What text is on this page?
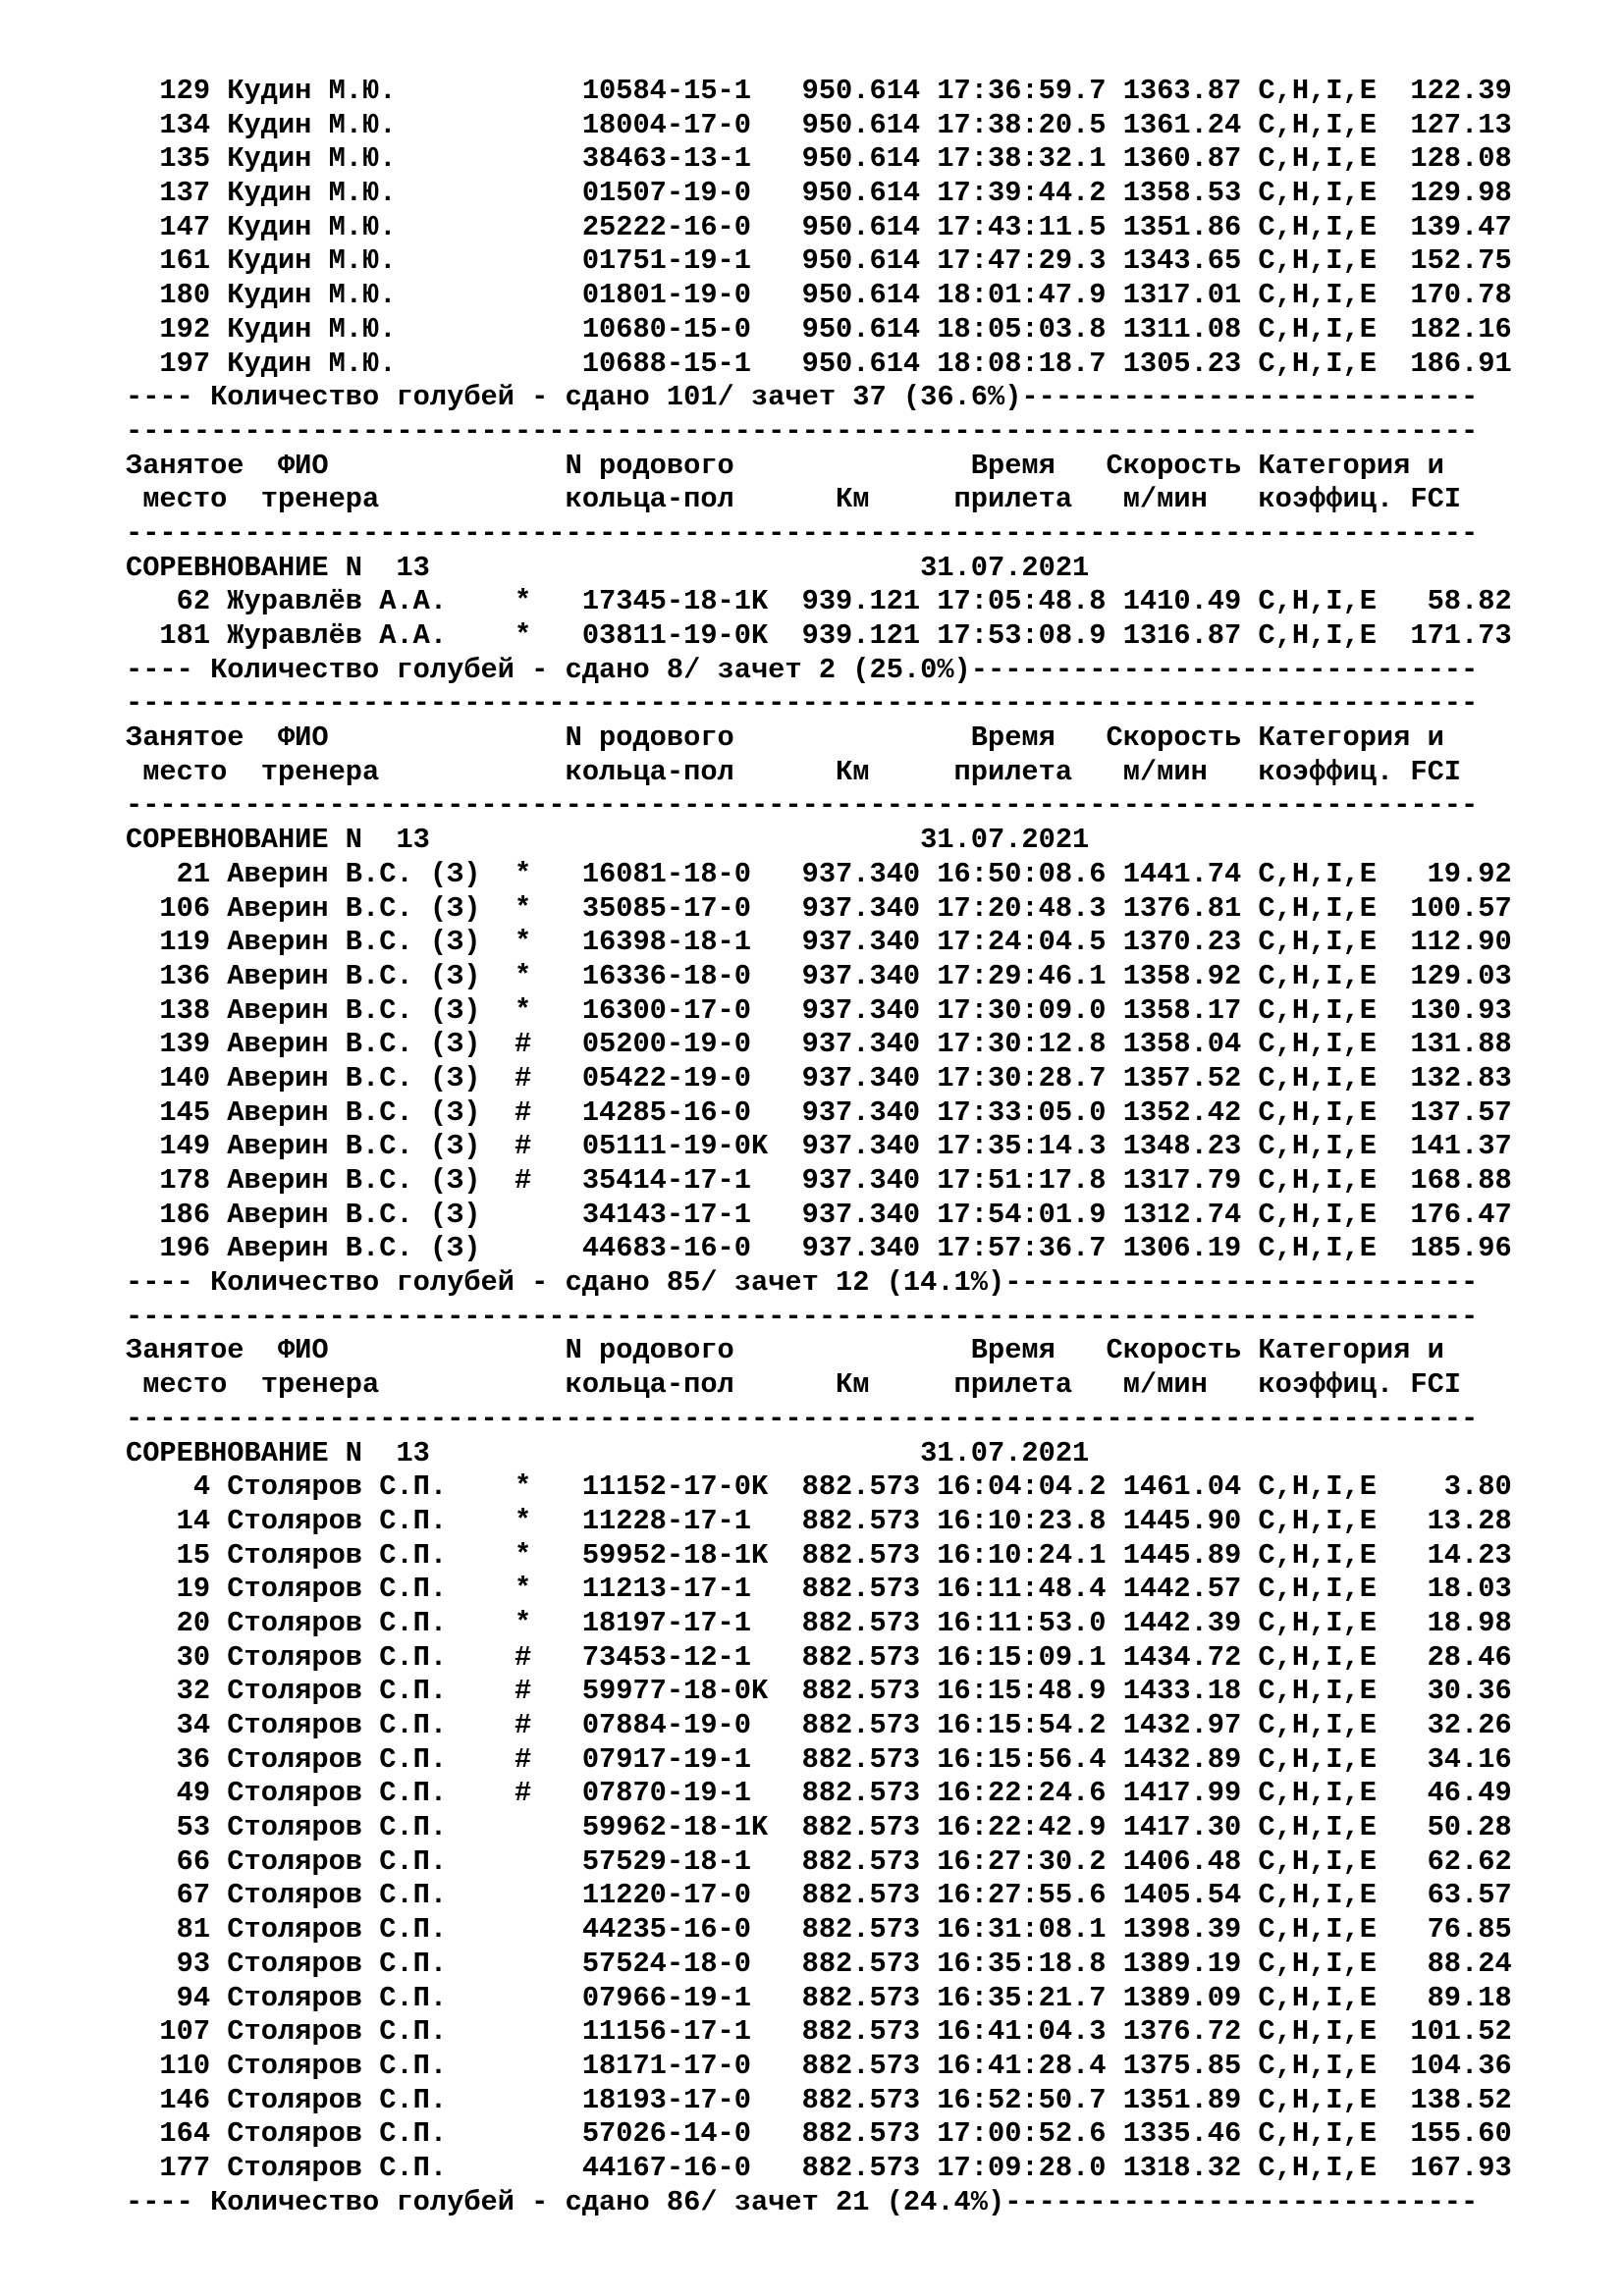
129 Кудин М.Ю.           10584-15-1   950.614 17:36:59.7 1363.87 C,H,I,E  122.39
134 Кудин М.Ю.           18004-17-0   950.614 17:38:20.5 1361.24 C,H,I,E  127.13
135 Кудин М.Ю.           38463-13-1   950.614 17:38:32.1 1360.87 C,H,I,E  128.08
137 Кудин М.Ю.           01507-19-0   950.614 17:39:44.2 1358.53 C,H,I,E  129.98
147 Кудин М.Ю.           25222-16-0   950.614 17:43:11.5 1351.86 C,H,I,E  139.47
161 Кудин М.Ю.           01751-19-1   950.614 17:47:29.3 1343.65 C,H,I,E  152.75
180 Кудин М.Ю.           01801-19-0   950.614 18:01:47.9 1317.01 C,H,I,E  170.78
192 Кудин М.Ю.           10680-15-0   950.614 18:05:03.8 1311.08 C,H,I,E  182.16
197 Кудин М.Ю.           10688-15-1   950.614 18:08:18.7 1305.23 C,H,I,E  186.91
---- Количество голубей - сдано 101/ зачет 37 (36.6%)---------------------------
--------------------------------------------------------------------------------
Занятое  ФИО              N родового              Время   Скорость Категория и
место  тренера           кольца-пол      Км     прилета   м/мин   коэффиц. FCI
--------------------------------------------------------------------------------
СОРЕВНОВАНИЕ N  13                             31.07.2021
62 Журавлёв А.А.    *   17345-18-1K  939.121 17:05:48.8 1410.49 C,H,I,E   58.82
181 Журавлёв А.А.    *   03811-19-0K  939.121 17:53:08.9 1316.87 C,H,I,E  171.73
---- Количество голубей - сдано 8/ зачет 2 (25.0%)------------------------------
--------------------------------------------------------------------------------
Занятое  ФИО              N родового              Время   Скорость Категория и
место  тренера           кольца-пол      Км     прилета   м/мин   коэффиц. FCI
--------------------------------------------------------------------------------
СОРЕВНОВАНИЕ N  13                             31.07.2021
21 Аверин В.С. (З)  *   16081-18-0   937.340 16:50:08.6 1441.74 C,H,I,E   19.92
106 Аверин В.С. (З)  *   35085-17-0   937.340 17:20:48.3 1376.81 C,H,I,E  100.57
119 Аверин В.С. (З)  *   16398-18-1   937.340 17:24:04.5 1370.23 C,H,I,E  112.90
136 Аверин В.С. (З)  *   16336-18-0   937.340 17:29:46.1 1358.92 C,H,I,E  129.03
138 Аверин В.С. (З)  *   16300-17-0   937.340 17:30:09.0 1358.17 C,H,I,E  130.93
139 Аверин В.С. (З)  #   05200-19-0   937.340 17:30:12.8 1358.04 C,H,I,E  131.88
140 Аверин В.С. (З)  #   05422-19-0   937.340 17:30:28.7 1357.52 C,H,I,E  132.83
145 Аверин В.С. (З)  #   14285-16-0   937.340 17:33:05.0 1352.42 C,H,I,E  137.57
149 Аверин В.С. (З)  #   05111-19-0K  937.340 17:35:14.3 1348.23 C,H,I,E  141.37
178 Аверин В.С. (З)  #   35414-17-1   937.340 17:51:17.8 1317.79 C,H,I,E  168.88
186 Аверин В.С. (З)      34143-17-1   937.340 17:54:01.9 1312.74 C,H,I,E  176.47
196 Аверин В.С. (З)      44683-16-0   937.340 17:57:36.7 1306.19 C,H,I,E  185.96
---- Количество голубей - сдано 85/ зачет 12 (14.1%)----------------------------
--------------------------------------------------------------------------------
Занятое  ФИО              N родового              Время   Скорость Категория и
место  тренера           кольца-пол      Км     прилета   м/мин   коэффиц. FCI
--------------------------------------------------------------------------------
СОРЕВНОВАНИЕ N  13                             31.07.2021
4 Столяров С.П.    *   11152-17-0K  882.573 16:04:04.2 1461.04 C,H,I,E    3.80
14 Столяров С.П.    *   11228-17-1   882.573 16:10:23.8 1445.90 C,H,I,E   13.28
15 Столяров С.П.    *   59952-18-1K  882.573 16:10:24.1 1445.89 C,H,I,E   14.23
19 Столяров С.П.    *   11213-17-1   882.573 16:11:48.4 1442.57 C,H,I,E   18.03
20 Столяров С.П.    *   18197-17-1   882.573 16:11:53.0 1442.39 C,H,I,E   18.98
30 Столяров С.П.    #   73453-12-1   882.573 16:15:09.1 1434.72 C,H,I,E   28.46
32 Столяров С.П.    #   59977-18-0K  882.573 16:15:48.9 1433.18 C,H,I,E   30.36
34 Столяров С.П.    #   07884-19-0   882.573 16:15:54.2 1432.97 C,H,I,E   32.26
36 Столяров С.П.    #   07917-19-1   882.573 16:15:56.4 1432.89 C,H,I,E   34.16
49 Столяров С.П.    #   07870-19-1   882.573 16:22:24.6 1417.99 C,H,I,E   46.49
53 Столяров С.П.        59962-18-1K  882.573 16:22:42.9 1417.30 C,H,I,E   50.28
66 Столяров С.П.        57529-18-1   882.573 16:27:30.2 1406.48 C,H,I,E   62.62
67 Столяров С.П.        11220-17-0   882.573 16:27:55.6 1405.54 C,H,I,E   63.57
81 Столяров С.П.        44235-16-0   882.573 16:31:08.1 1398.39 C,H,I,E   76.85
93 Столяров С.П.        57524-18-0   882.573 16:35:18.8 1389.19 C,H,I,E   88.24
94 Столяров С.П.        07966-19-1   882.573 16:35:21.7 1389.09 C,H,I,E   89.18
107 Столяров С.П.        11156-17-1   882.573 16:41:04.3 1376.72 C,H,I,E  101.52
110 Столяров С.П.        18171-17-0   882.573 16:41:28.4 1375.85 C,H,I,E  104.36
146 Столяров С.П.        18193-17-0   882.573 16:52:50.7 1351.89 C,H,I,E  138.52
164 Столяров С.П.        57026-14-0   882.573 17:00:52.6 1335.46 C,H,I,E  155.60
177 Столяров С.П.        44167-16-0   882.573 17:09:28.0 1318.32 C,H,I,E  167.93
---- Количество голубей - сдано 86/ зачет 21 (24.4%)----------------------------
